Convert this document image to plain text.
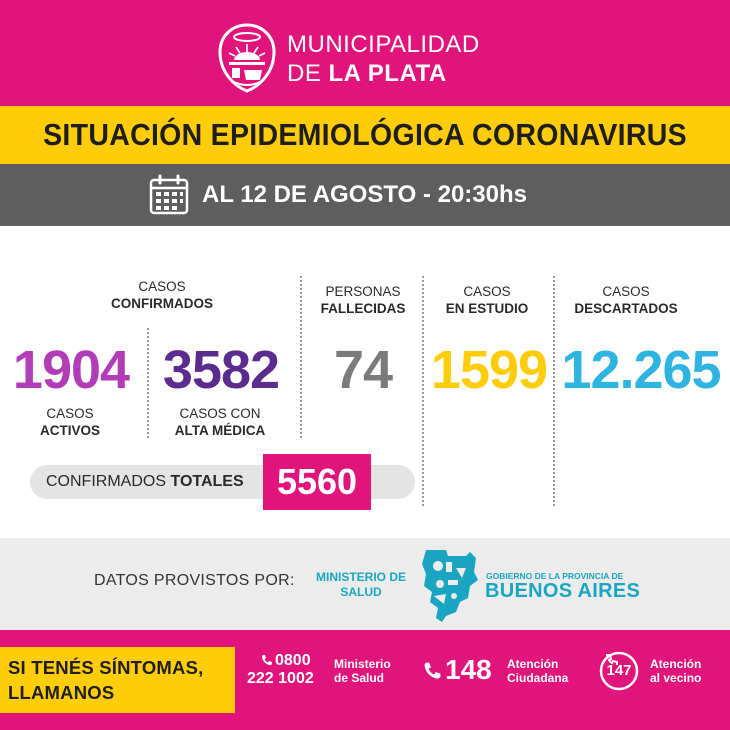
MUNICIPALIDAD
DE LA PLATA
SITUACIÓN EPIDEMIOLÓGICA CORONAVIRUS
AL 12 DE AGOSTO - 20:30hs
CASOS
CONFIRMADOS
1904
CASOS
ACTIVOS
3582
CASOS CON
ALTA MÉDICA
PERSONAS
FALLECIDAS
74
CASOS
EN ESTUDIO
1599
CASOS
DESCARTADOS
12.265
CONFIRMADOS TOTALES 5560
DATOS PROVISTOS POR: MINISTERIO DE
SALUD
GOBIERNO DE LA PROVINCIA DE
BUENOS AIRES
SI TENÉS SÍNTOMAS,
LLAMANOS
0800
222 1002
Ministerio
de Salud 148 Atención
Ciudadana	147	Atención
al vecino
